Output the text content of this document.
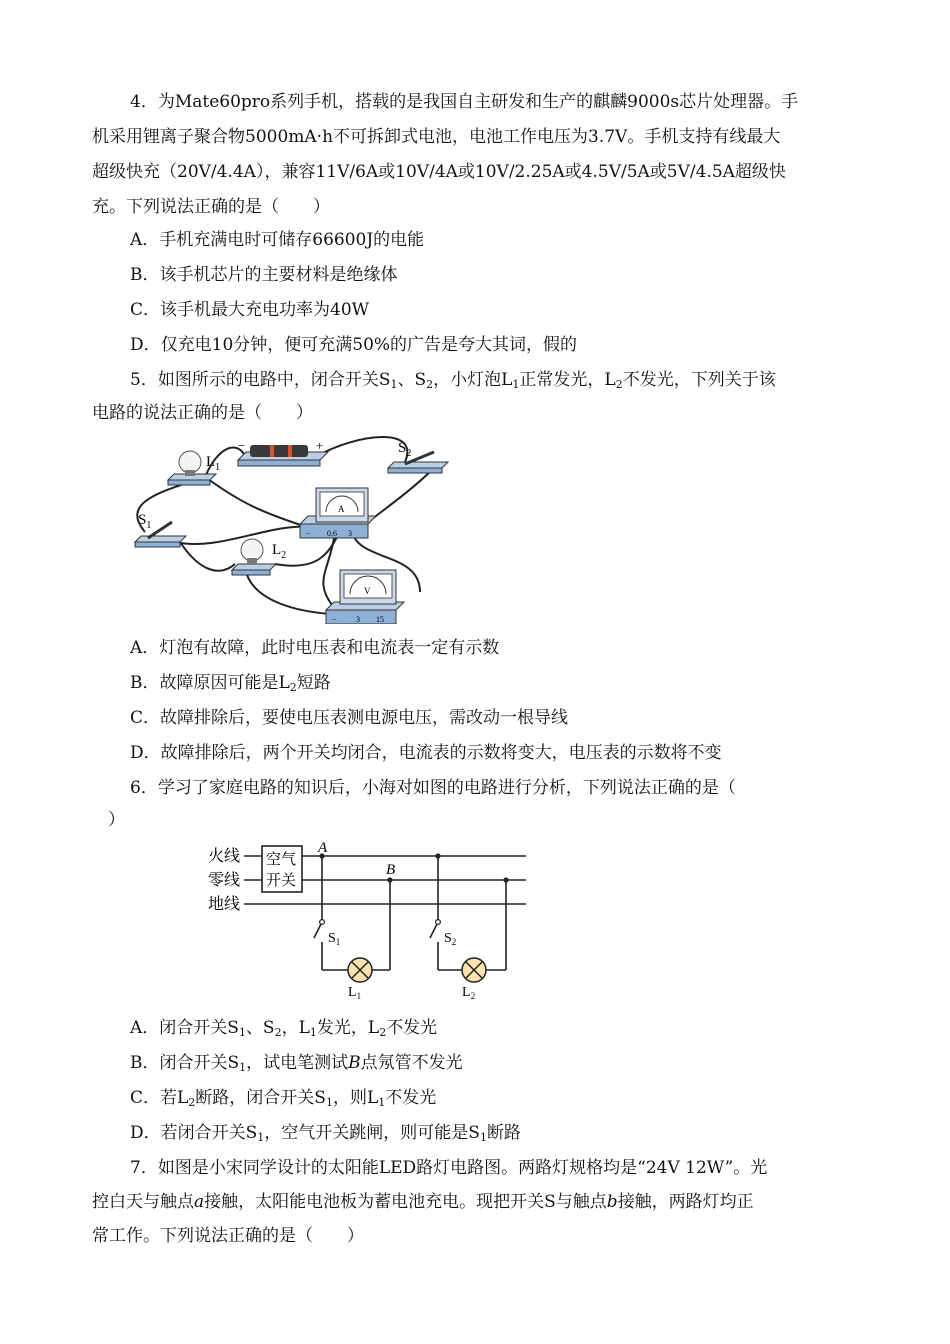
4．为Mate60pro系列手机，搭载的是我国自主研发和生产的麒麟9000s芯片处理器。手
机采用锂离子聚合物5000mA·h不可拆卸式电池，电池工作电压为3.7V。手机支持有线最大
超级快充（20V/4.4A），兼容11V/6A或10V/4A或10V/2.25A或4.5V/5A或5V/4.5A超级快
充。下列说法正确的是（　　）
A．手机充满电时可储存66600J的电能
B．该手机芯片的主要材料是绝缘体
C．该手机最大充电功率为40W
D．仅充电10分钟，便可充满50%的广告是夸大其词，假的
5．如图所示的电路中，闭合开关$S_1$、$S_2$，小灯泡$L_1$正常发光，$L_2$不发光，下列关于该
电路的说法正确的是（　　）
−	+
$L_1$
$S_2$
A
− 0.6 3
$S_1$
$L_2$
V
− 3 15
A．灯泡有故障，此时电压表和电流表一定有示数
B．故障原因可能是$L_2$短路
C．故障排除后，要使电压表测电源电压，需改动一根导线
D．故障排除后，两个开关均闭合，电流表的示数将变大，电压表的示数将不变
6．学习了家庭电路的知识后，小海对如图的电路进行分析，下列说法正确的是（
）
火线
零线
地线
空气
开关
A
B
$S_1$	$S_2$
$L_1$	$L_2$
A．闭合开关$S_1$、$S_2$，$L_1$发光，$L_2$不发光
B．闭合开关$S_1$，试电笔测试B点氖管不发光
C．若$L_2$断路，闭合开关$S_1$，则$L_1$不发光
D．若闭合开关$S_1$，空气开关跳闸，则可能是$S_1$断路
7．如图是小宋同学设计的太阳能LED路灯电路图。两路灯规格均是“24V 12W”。光
控白天与触点a接触，太阳能电池板为蓄电池充电。现把开关S与触点b接触，两路灯均正
常工作。下列说法正确的是（　　）
